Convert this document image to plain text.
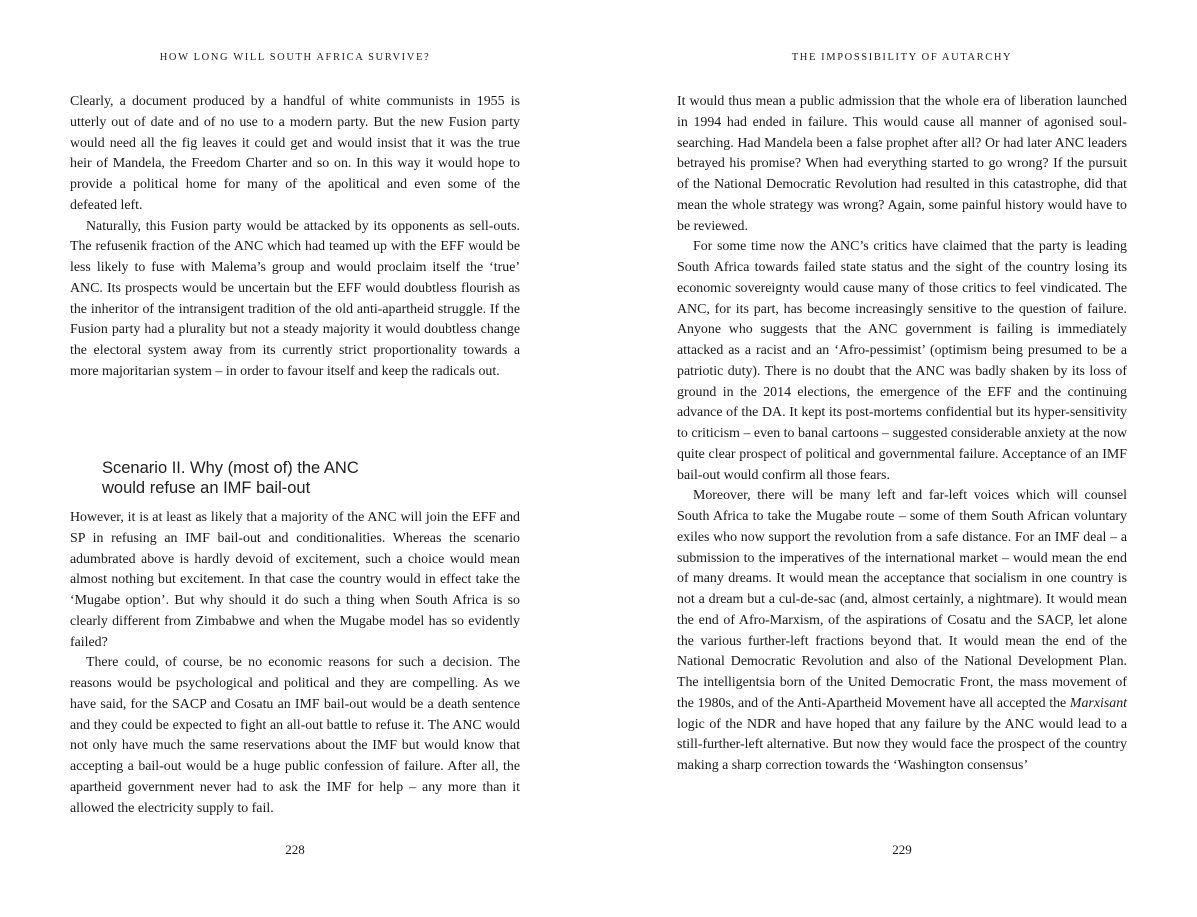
HOW LONG WILL SOUTH AFRICA SURVIVE?

Clearly, a document produced by a handful of white communists in 1955 is utterly out of date and of no use to a modern party. But the new Fusion party would need all the fig leaves it could get and would insist that it was the true heir of Mandela, the Freedom Charter and so on. In this way it would hope to provide a political home for many of the apolitical and even some of the defeated left.

Naturally, this Fusion party would be attacked by its opponents as sell-outs. The refusenik fraction of the ANC which had teamed up with the EFF would be less likely to fuse with Malema’s group and would proclaim itself the ‘true’ ANC. Its prospects would be uncertain but the EFF would doubtless flourish as the inheritor of the intransigent tradition of the old anti-apartheid struggle. If the Fusion party had a plurality but not a steady majority it would doubtless change the electoral system away from its currently strict proportionality towards a more majoritarian system – in order to favour itself and keep the radicals out.

Scenario II. Why (most of) the ANC
would refuse an IMF bail-out

However, it is at least as likely that a majority of the ANC will join the EFF and SP in refusing an IMF bail-out and conditionalities. Whereas the scenario adumbrated above is hardly devoid of excitement, such a choice would mean almost nothing but excitement. In that case the country would in effect take the ‘Mugabe option’. But why should it do such a thing when South Africa is so clearly different from Zimbabwe and when the Mugabe model has so evidently failed?

There could, of course, be no economic reasons for such a decision. The reasons would be psychological and political and they are compelling. As we have said, for the SACP and Cosatu an IMF bail-out would be a death sentence and they could be expected to fight an all-out battle to refuse it. The ANC would not only have much the same reservations about the IMF but would know that accepting a bail-out would be a huge public confession of failure. After all, the apartheid government never had to ask the IMF for help – any more than it allowed the electricity supply to fail.

228
THE IMPOSSIBILITY OF AUTARCHY

It would thus mean a public admission that the whole era of liberation launched in 1994 had ended in failure. This would cause all manner of agonised soul-searching. Had Mandela been a false prophet after all? Or had later ANC leaders betrayed his promise? When had everything started to go wrong? If the pursuit of the National Democratic Revolution had resulted in this catastrophe, did that mean the whole strategy was wrong? Again, some painful history would have to be reviewed.

For some time now the ANC’s critics have claimed that the party is leading South Africa towards failed state status and the sight of the country losing its economic sovereignty would cause many of those critics to feel vindicated. The ANC, for its part, has become increasingly sensitive to the question of failure. Anyone who suggests that the ANC government is failing is immediately attacked as a racist and an ‘Afro-pessimist’ (optimism being presumed to be a patriotic duty). There is no doubt that the ANC was badly shaken by its loss of ground in the 2014 elections, the emergence of the EFF and the continuing advance of the DA. It kept its post-mortems confidential but its hyper-sensitivity to criticism – even to banal cartoons – suggested considerable anxiety at the now quite clear prospect of political and governmental failure. Acceptance of an IMF bail-out would confirm all those fears.

Moreover, there will be many left and far-left voices which will counsel South Africa to take the Mugabe route – some of them South African voluntary exiles who now support the revolution from a safe distance. For an IMF deal – a submission to the imperatives of the international market – would mean the end of many dreams. It would mean the acceptance that socialism in one country is not a dream but a cul-de-sac (and, almost certainly, a nightmare). It would mean the end of Afro-Marxism, of the aspirations of Cosatu and the SACP, let alone the various further-left fractions beyond that. It would mean the end of the National Democratic Revolution and also of the National Development Plan. The intelligentsia born of the United Democratic Front, the mass movement of the 1980s, and of the Anti-Apartheid Movement have all accepted the Marxisant logic of the NDR and have hoped that any failure by the ANC would lead to a still-further-left alternative. But now they would face the prospect of the country making a sharp correction towards the ‘Washington consensus’

229
